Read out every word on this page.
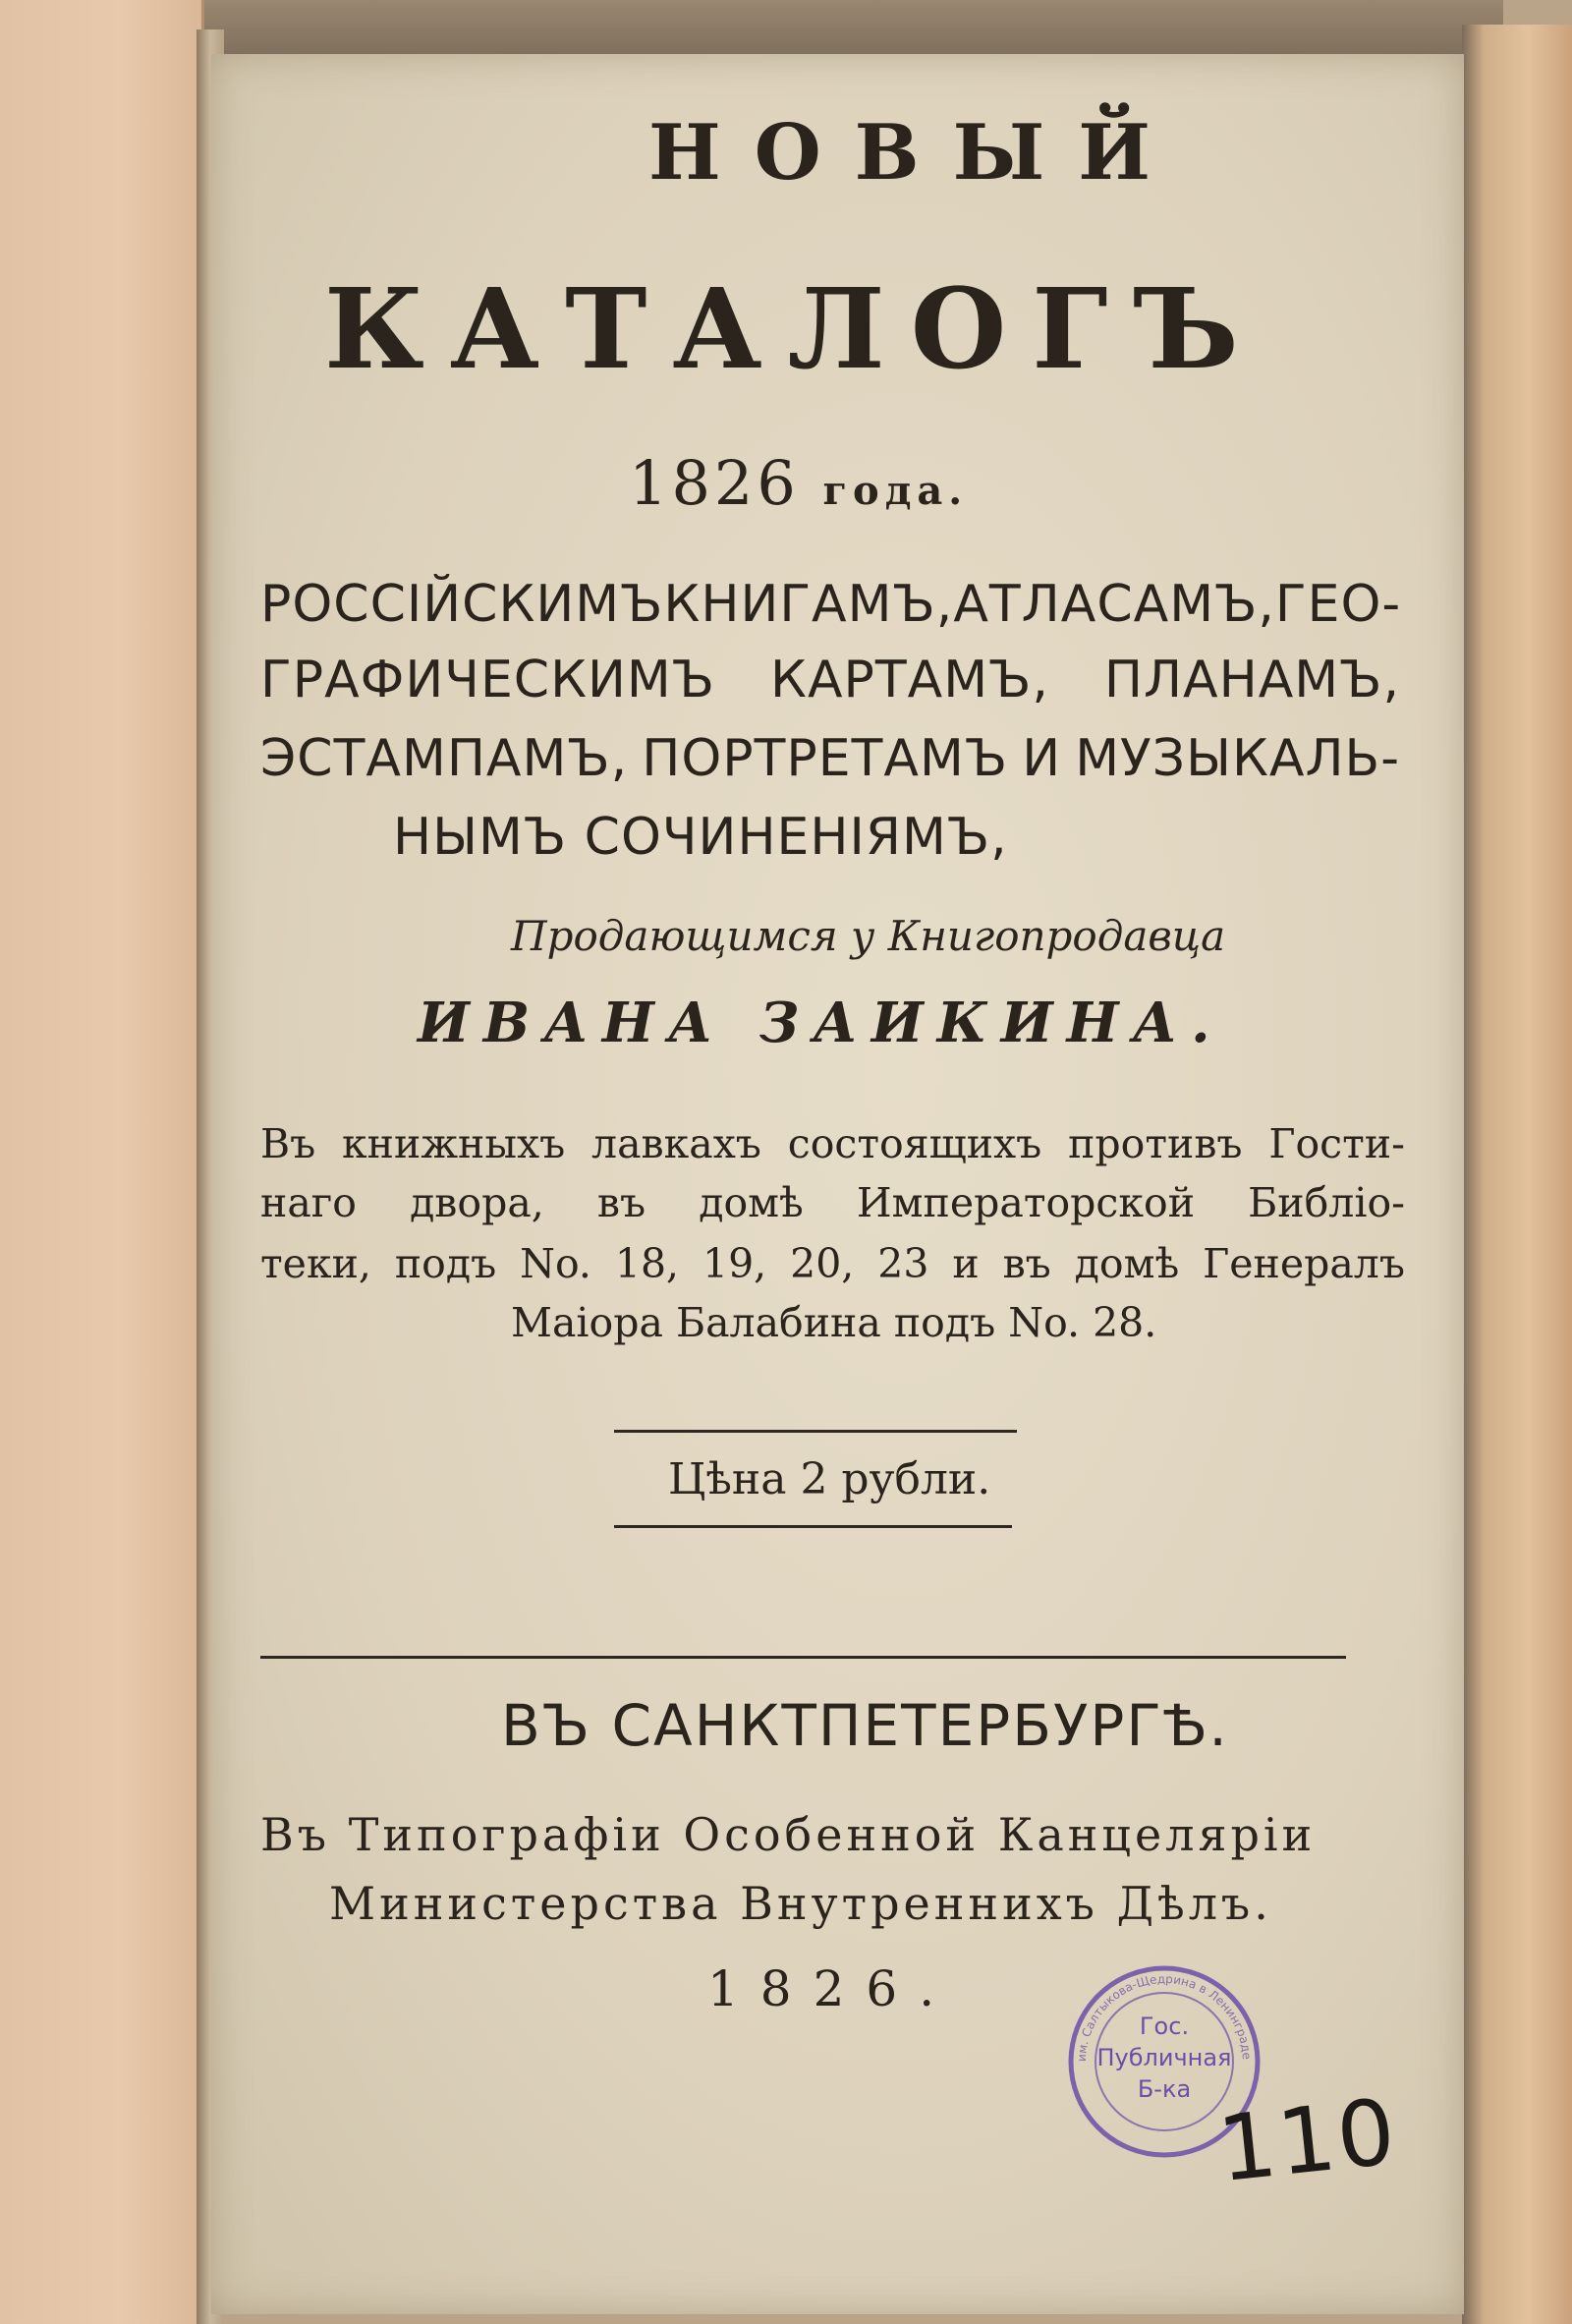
НОВЫЙ
КАТАЛОГЪ
1826 года.
РОССІЙСКИМЪ КНИГАМЪ, АТЛАСАМЪ, ГЕО-
ГРАФИЧЕСКИМЪ КАРТАМЪ, ПЛАНАМЪ,
ЭСТАМПАМЪ, ПОРТРЕТАМЪ И МУЗЫКАЛЬ-
НЫМЪ СОЧИНЕНІЯМЪ,
Продающимся у Книгопродавца
ИВАНА ЗАИКИНА.
Въ книжныхъ лавкахъ состоящихъ противъ Гости-
наго двора, въ домѣ Императорской Библіо-
теки, подъ No. 18, 19, 20, 23 и въ домѣ Генералъ
Маіора Балабина подъ No. 28.
Цѣна 2 рубли.
ВЪ САНКТПЕТЕРБУРГѢ.
Въ Типографіи Особенной Канцеляріи
Министерства Внутреннихъ Дѣлъ.
1826.
им. Салтыкова-Щедрина в Ленинграде
Гос.
Публичная
Б-ка 110
